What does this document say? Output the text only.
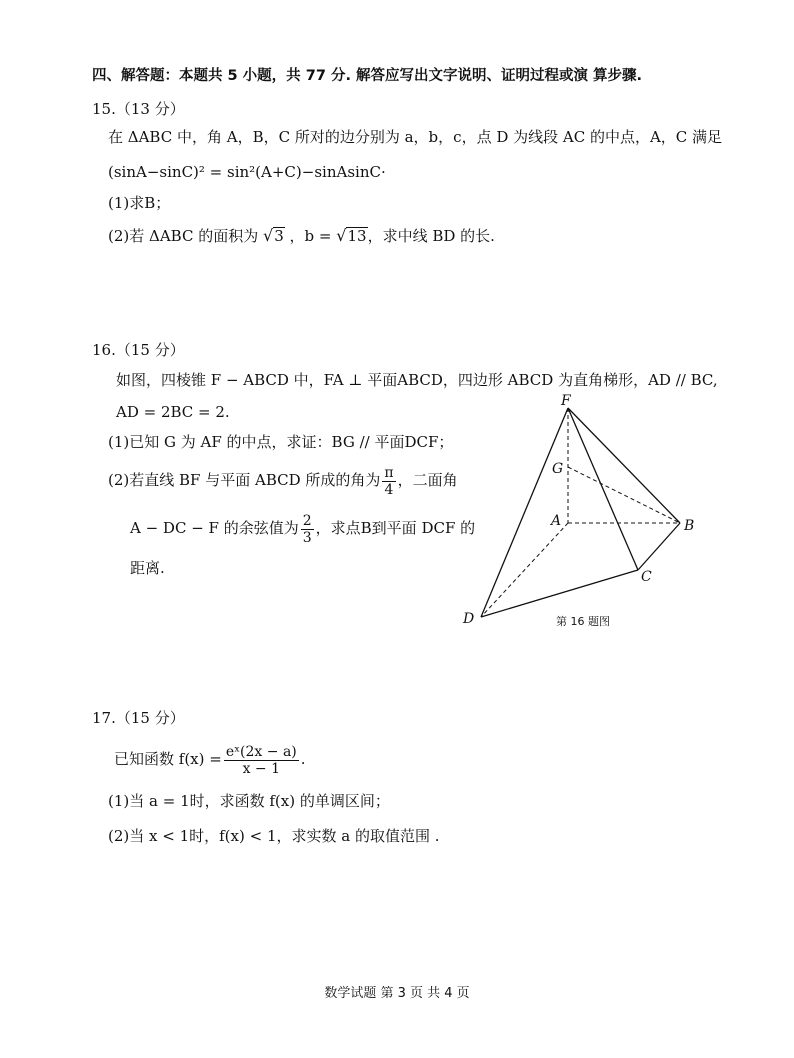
四、解答题：本题共 5 小题，共 77 分. 解答应写出文字说明、证明过程或演 算步骤.
15.（13 分）
在 ΔABC 中，角 A，B，C 所对的边分别为 a，b，c，点 D 为线段 AC 的中点，A，C 满足
(sinA−sinC)² = sin²(A+C)−sinAsinC·
(1)求B；
(2)若 ΔABC 的面积为 √3 ，b = √13，求中线 BD 的长.
16.（15 分）
如图，四棱锥 F − ABCD 中，FA ⊥ 平面ABCD，四边形 ABCD 为直角梯形，AD // BC,
AD = 2BC = 2.
(1)已知 G 为 AF 的中点，求证：BG // 平面DCF；
(2)若直线 BF 与平面 ABCD 所成的角为 $\frac{\pi}{4}$ ，二面角
A − DC − F 的余弦值为 $\frac{2}{3}$ ，求点B到平面 DCF 的
距离.
F
G
A	B
C
D	第 16 题图
17.（15 分）
已知函数 $f(x) = \frac{\text{eˣ(2x − a)}}{x - 1}$ .
(1)当 a = 1时，求函数 f(x) 的单调区间；
(2)当 x < 1时，f(x) < 1，求实数 a 的取值范围 .
数学试题 第 3 页 共 4 页
